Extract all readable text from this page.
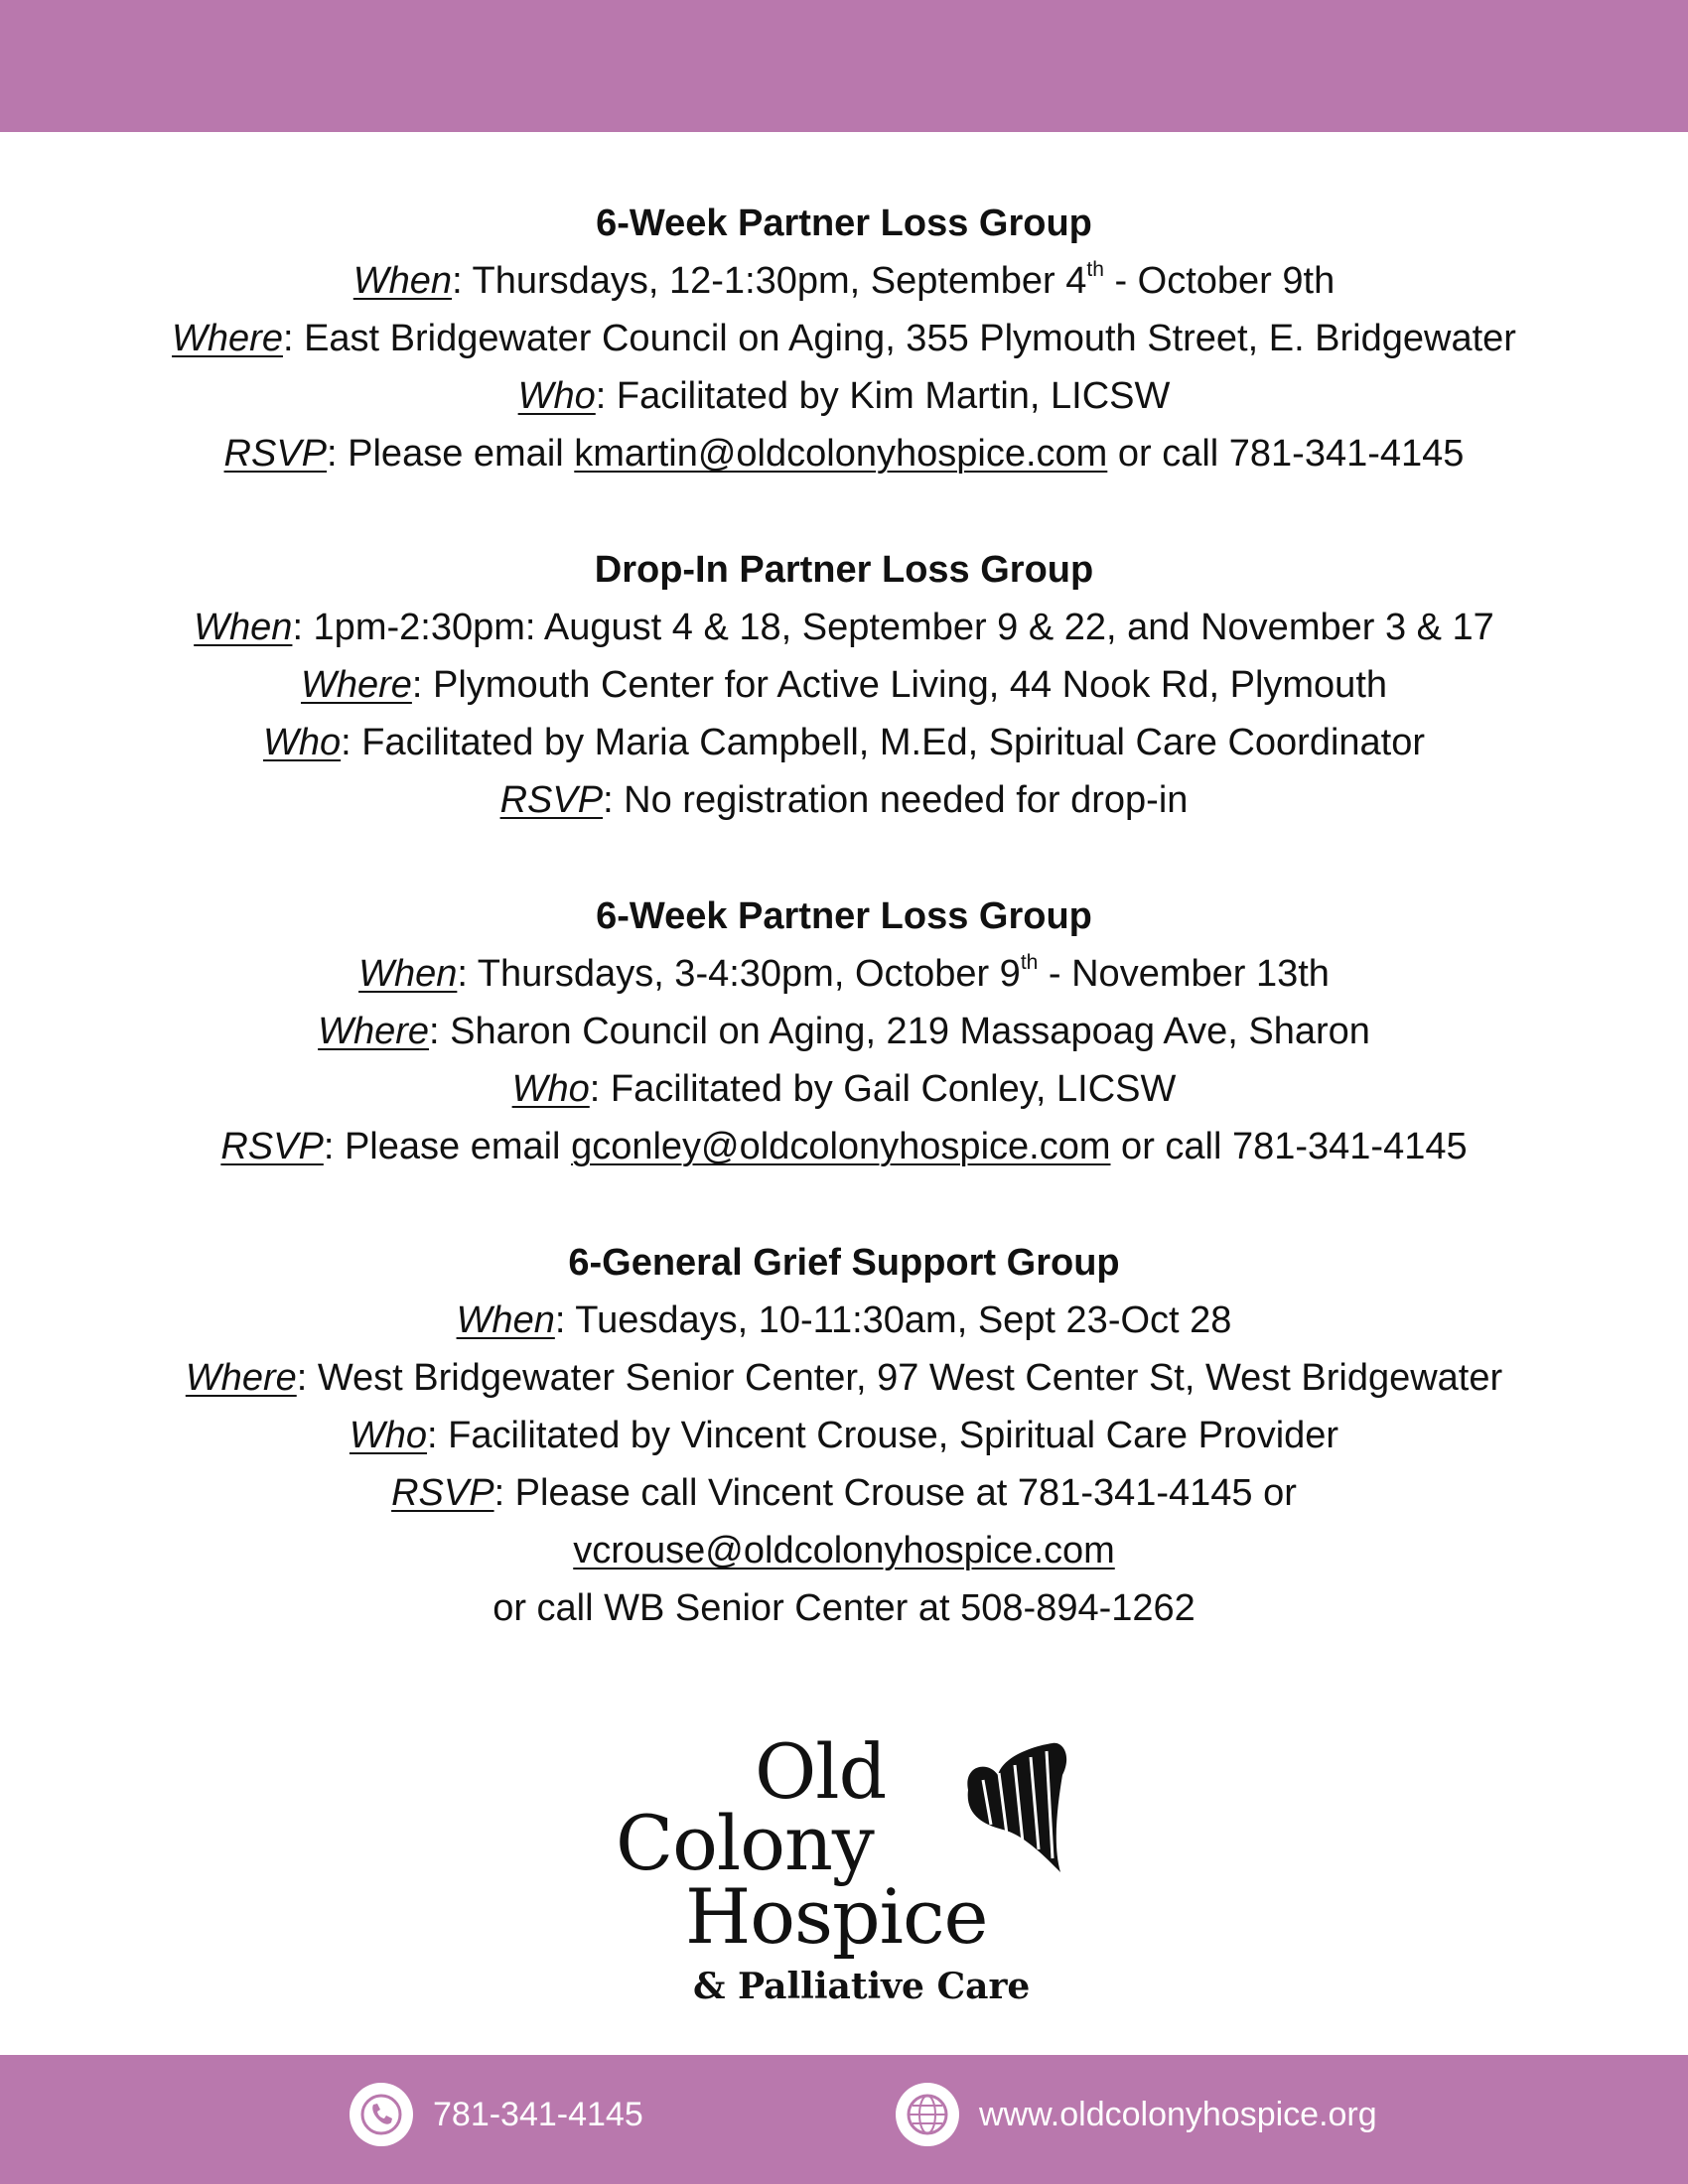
6-Week Partner Loss Group
When: Thursdays, 12-1:30pm, September 4th - October 9th
Where: East Bridgewater Council on Aging, 355 Plymouth Street, E. Bridgewater
Who: Facilitated by Kim Martin, LICSW
RSVP: Please email kmartin@oldcolonyhospice.com or call 781-341-4145
Drop-In Partner Loss Group
When: 1pm-2:30pm: August 4 & 18, September 9 & 22, and November 3 & 17
Where: Plymouth Center for Active Living, 44 Nook Rd, Plymouth
Who: Facilitated by Maria Campbell, M.Ed, Spiritual Care Coordinator
RSVP: No registration needed for drop-in
6-Week Partner Loss Group
When: Thursdays, 3-4:30pm, October 9th - November 13th
Where: Sharon Council on Aging, 219 Massapoag Ave, Sharon
Who: Facilitated by Gail Conley, LICSW
RSVP: Please email gconley@oldcolonyhospice.com or call 781-341-4145
6-General Grief Support Group
When: Tuesdays, 10-11:30am, Sept 23-Oct 28
Where: West Bridgewater Senior Center, 97 West Center St, West Bridgewater
Who: Facilitated by Vincent Crouse, Spiritual Care Provider
RSVP: Please call Vincent Crouse at 781-341-4145 or
vcrouse@oldcolonyhospice.com
or call WB Senior Center at 508-894-1262
Old
Colony
Hospice
& Palliative Care
781-341-4145	www.oldcolonyhospice.org
